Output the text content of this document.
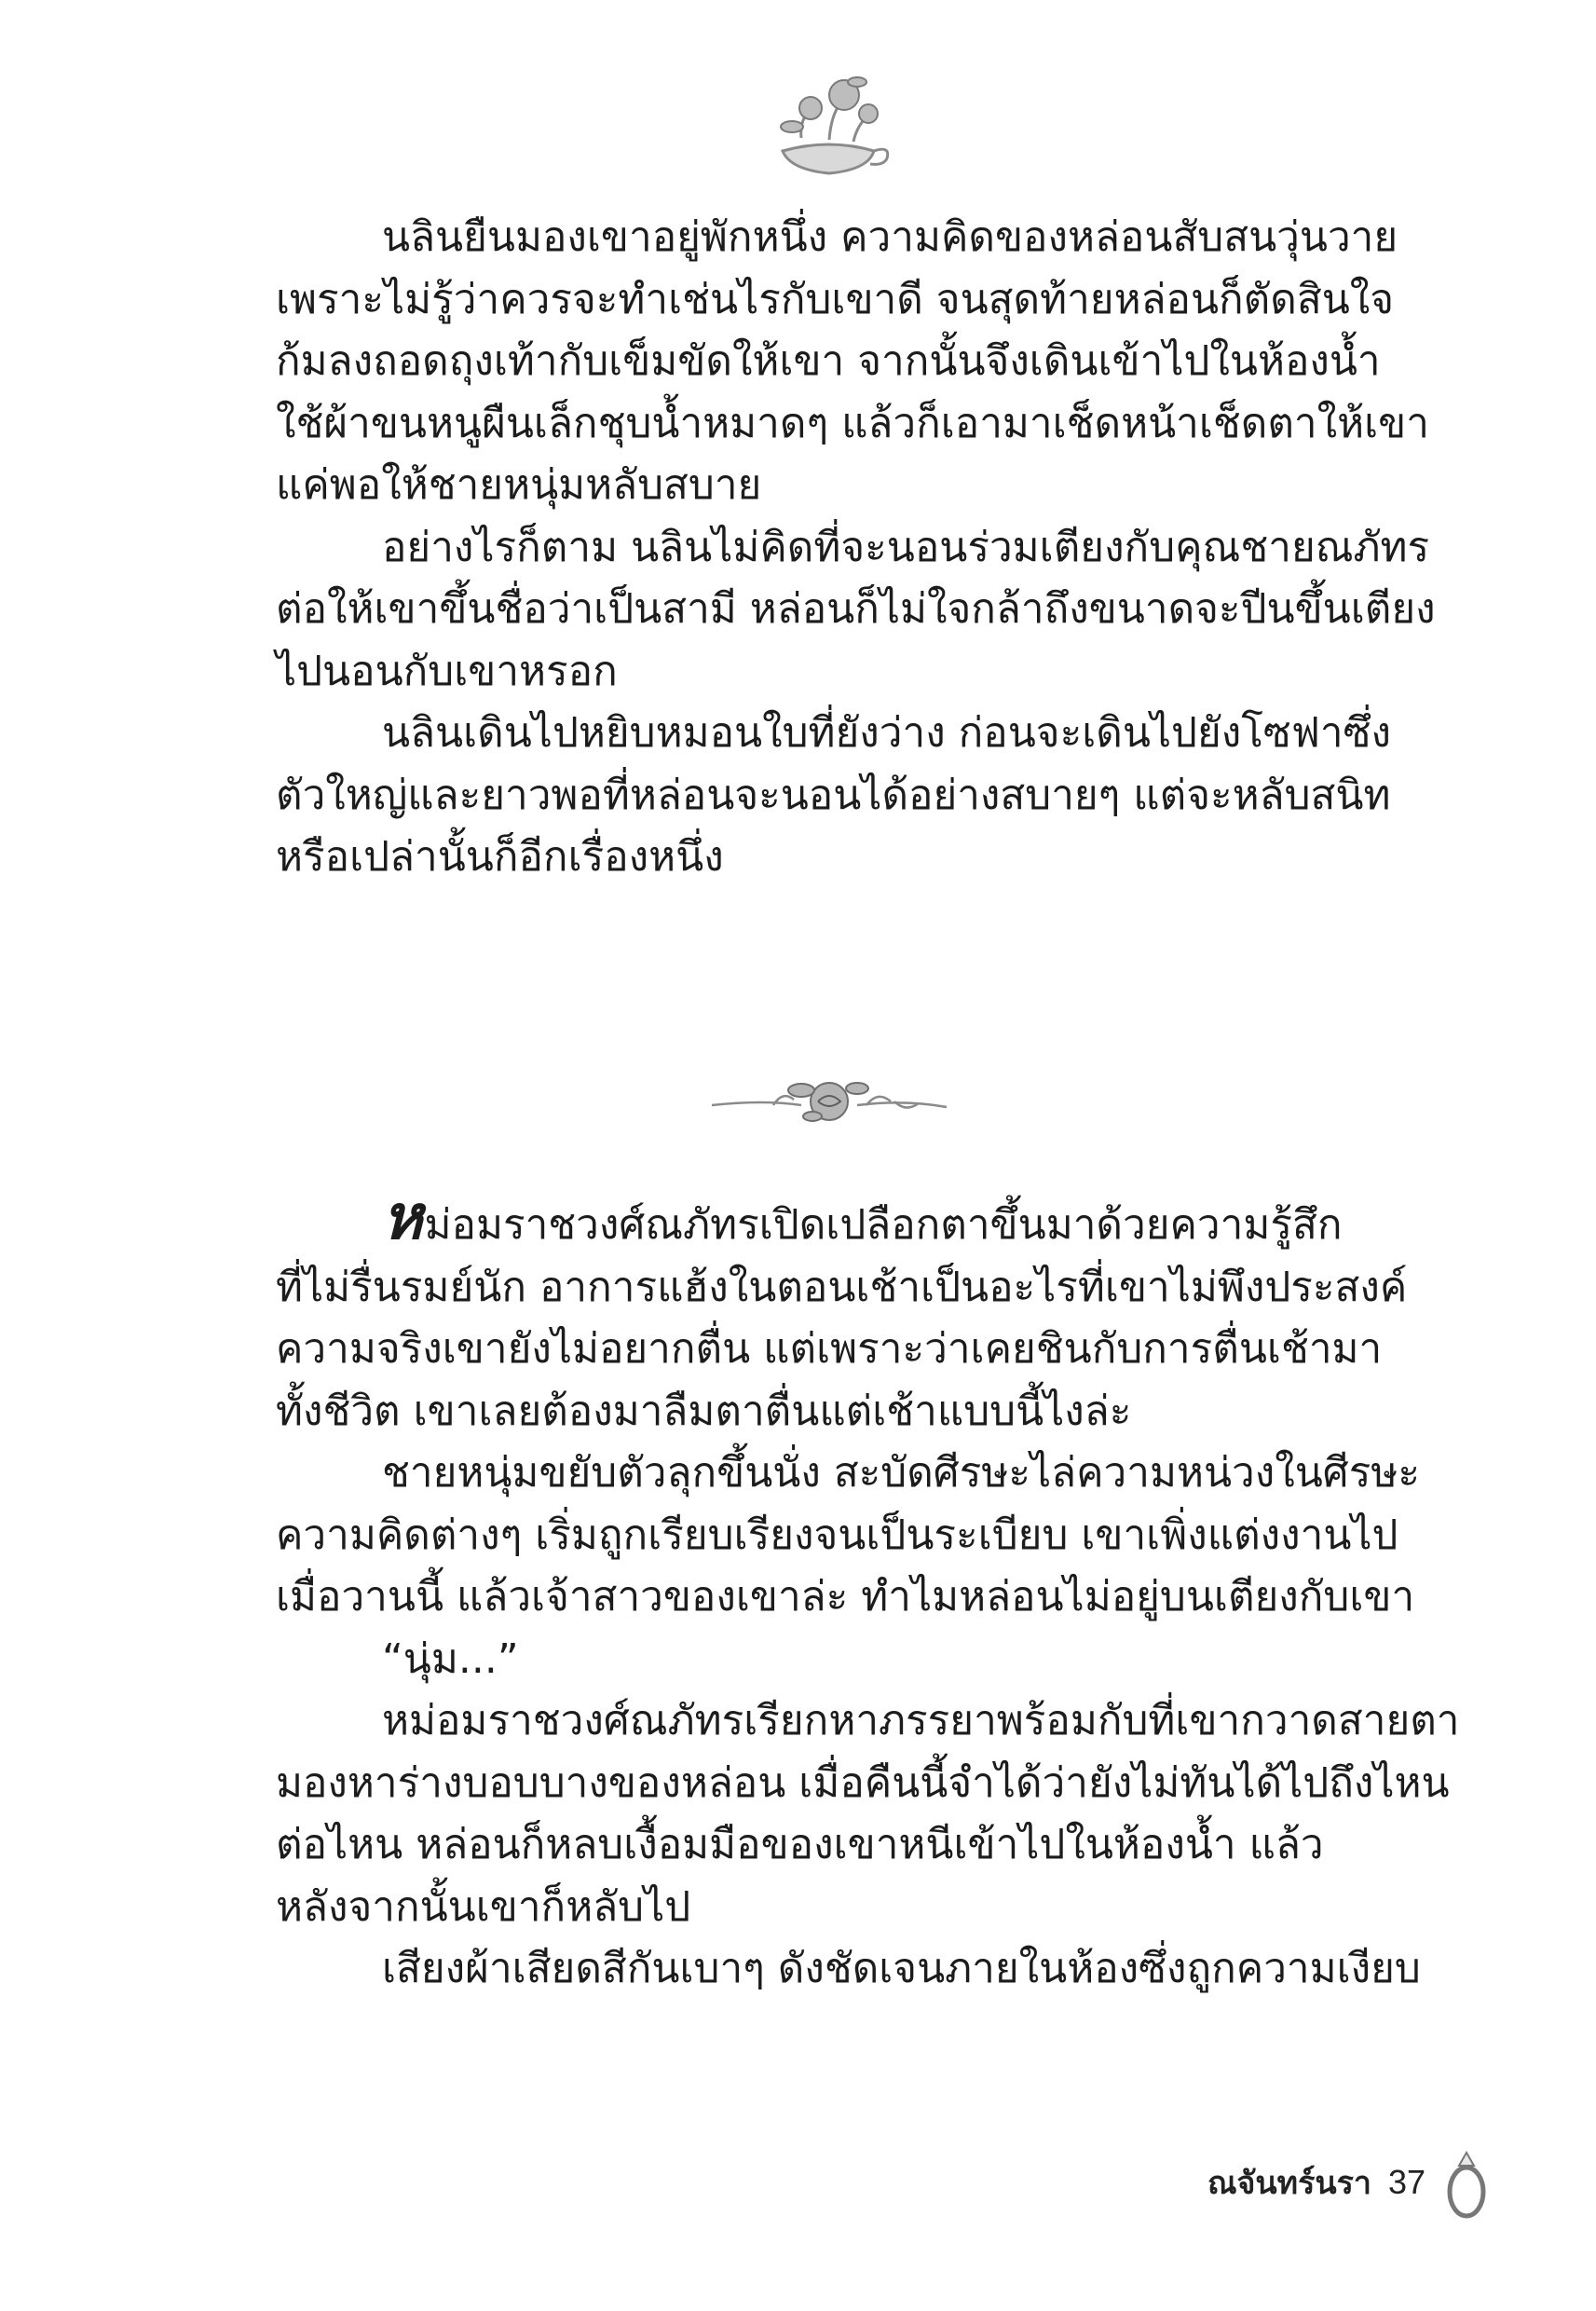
นลินยืนมองเขาอยู่พักหนึ่ง ความคิดของหล่อนสับสนวุ่นวาย
เพราะไม่รู้ว่าควรจะทำเช่นไรกับเขาดี จนสุดท้ายหล่อนก็ตัดสินใจ
ก้มลงถอดถุงเท้ากับเข็มขัดให้เขา จากนั้นจึงเดินเข้าไปในห้องน้ำ
ใช้ผ้าขนหนูผืนเล็กชุบน้ำหมาดๆ แล้วก็เอามาเช็ดหน้าเช็ดตาให้เขา
แค่พอให้ชายหนุ่มหลับสบาย
อย่างไรก็ตาม นลินไม่คิดที่จะนอนร่วมเตียงกับคุณชายณภัทร
ต่อให้เขาขึ้นชื่อว่าเป็นสามี หล่อนก็ไม่ใจกล้าถึงขนาดจะปีนขึ้นเตียง
ไปนอนกับเขาหรอก
นลินเดินไปหยิบหมอนใบที่ยังว่าง ก่อนจะเดินไปยังโซฟาซึ่ง
ตัวใหญ่และยาวพอที่หล่อนจะนอนได้อย่างสบายๆ แต่จะหลับสนิท
หรือเปล่านั้นก็อีกเรื่องหนึ่ง
หม่อมราชวงศ์ณภัทรเปิดเปลือกตาขึ้นมาด้วยความรู้สึก
ที่ไม่รื่นรมย์นัก อาการแฮ้งในตอนเช้าเป็นอะไรที่เขาไม่พึงประสงค์
ความจริงเขายังไม่อยากตื่น แต่เพราะว่าเคยชินกับการตื่นเช้ามา
ทั้งชีวิต เขาเลยต้องมาลืมตาตื่นแต่เช้าแบบนี้ไงล่ะ
ชายหนุ่มขยับตัวลุกขึ้นนั่ง สะบัดศีรษะไล่ความหน่วงในศีรษะ
ความคิดต่างๆ เริ่มถูกเรียบเรียงจนเป็นระเบียบ เขาเพิ่งแต่งงานไป
เมื่อวานนี้ แล้วเจ้าสาวของเขาล่ะ ทำไมหล่อนไม่อยู่บนเตียงกับเขา
“นุ่ม...”
หม่อมราชวงศ์ณภัทรเรียกหาภรรยาพร้อมกับที่เขากวาดสายตา
มองหาร่างบอบบางของหล่อน เมื่อคืนนี้จำได้ว่ายังไม่ทันได้ไปถึงไหน
ต่อไหน หล่อนก็หลบเงื้อมมือของเขาหนีเข้าไปในห้องน้ำ แล้ว
หลังจากนั้นเขาก็หลับไป
เสียงผ้าเสียดสีกันเบาๆ ดังชัดเจนภายในห้องซึ่งถูกความเงียบ
ณจันทร์นรา 37
